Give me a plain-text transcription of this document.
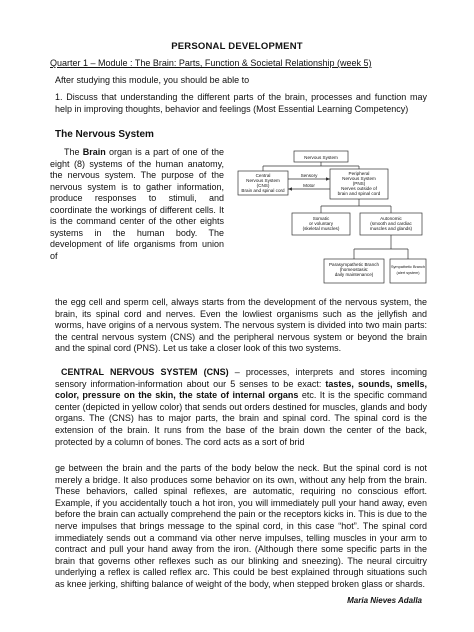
PERSONAL DEVELOPMENT
Quarter 1 – Module : The Brain: Parts, Function & Societal Relationship (week 5)
After studying this module, you should be able to
1. Discuss that understanding the different parts of the brain, processes and function may help in improving thoughts, behavior and feelings (Most Essential Learning Competency)
The Nervous System
The Brain organ is a part of one of the eight (8) systems of the human anatomy, the nervous system. The purpose of the nervous system is to gather information, produce responses to stimuli, and coordinate the workings of different cells. It is the command center of the other eights systems in the human body. The development of life organisms from union of
Nervous System
Sensory
Motor
Central
Nervous System
(CNS)
Brain and spinal cord
Peripheral
Nervous System
(PNS)
Nerves outside of
brain and spinal cord
Somatic
or voluntary
(skeletal muscles)
Autonomic
(smooth and cardiac
muscles and glands)
Parasympathetic Branch
(homeostasis:
daily maintenance)
Sympathetic Branch
(alert system)
the egg cell and sperm cell, always starts from the development of the nervous system, the brain, its spinal cord and nerves. Even the lowliest organisms such as the jellyfish and worms, have origins of a nervous system. The nervous system is divided into two main parts: the central nervous system (CNS) and the peripheral nervous system or beyond the brain and the spinal cord (PNS). Let us take a closer look of this two systems.
CENTRAL NERVOUS SYSTEM (CNS) – processes, interprets and stores incoming sensory information-information about our 5 senses to be exact: tastes, sounds, smells, color, pressure on the skin, the state of internal organs etc. It is the specific command center (depicted in yellow color) that sends out orders destined for muscles, glands and body organs. The (CNS) has to major parts, the brain and spinal cord. The spinal cord is the extension of the brain. It runs from the base of the brain down the center of the back, protected by a column of bones. The cord acts as a sort of brid
ge between the brain and the parts of the body below the neck. But the spinal cord is not merely a bridge. It also produces some behavior on its own, without any help from the brain. These behaviors, called spinal reflexes, are automatic, requiring no conscious effort. Example, if you accidentally touch a hot iron, you will immediately pull your hand away, even before the brain can actually comprehend the pain or the receptors kicks in. This is due to the nerve impulses that brings message to the spinal cord, in this case “hot”. The spinal cord immediately sends out a command via other nerve impulses, telling muscles in your arm to contract and pull your hand away from the iron. (Although there some specific parts in the brain that governs other reflexes such as our blinking and sneezing). The neural circuitry underlying a reflex is called reflex arc. This could be best explained through situations such as knee jerking, shifting balance of weight of the body, when stepped broken glass or shards.
Maria Nieves Adalla
